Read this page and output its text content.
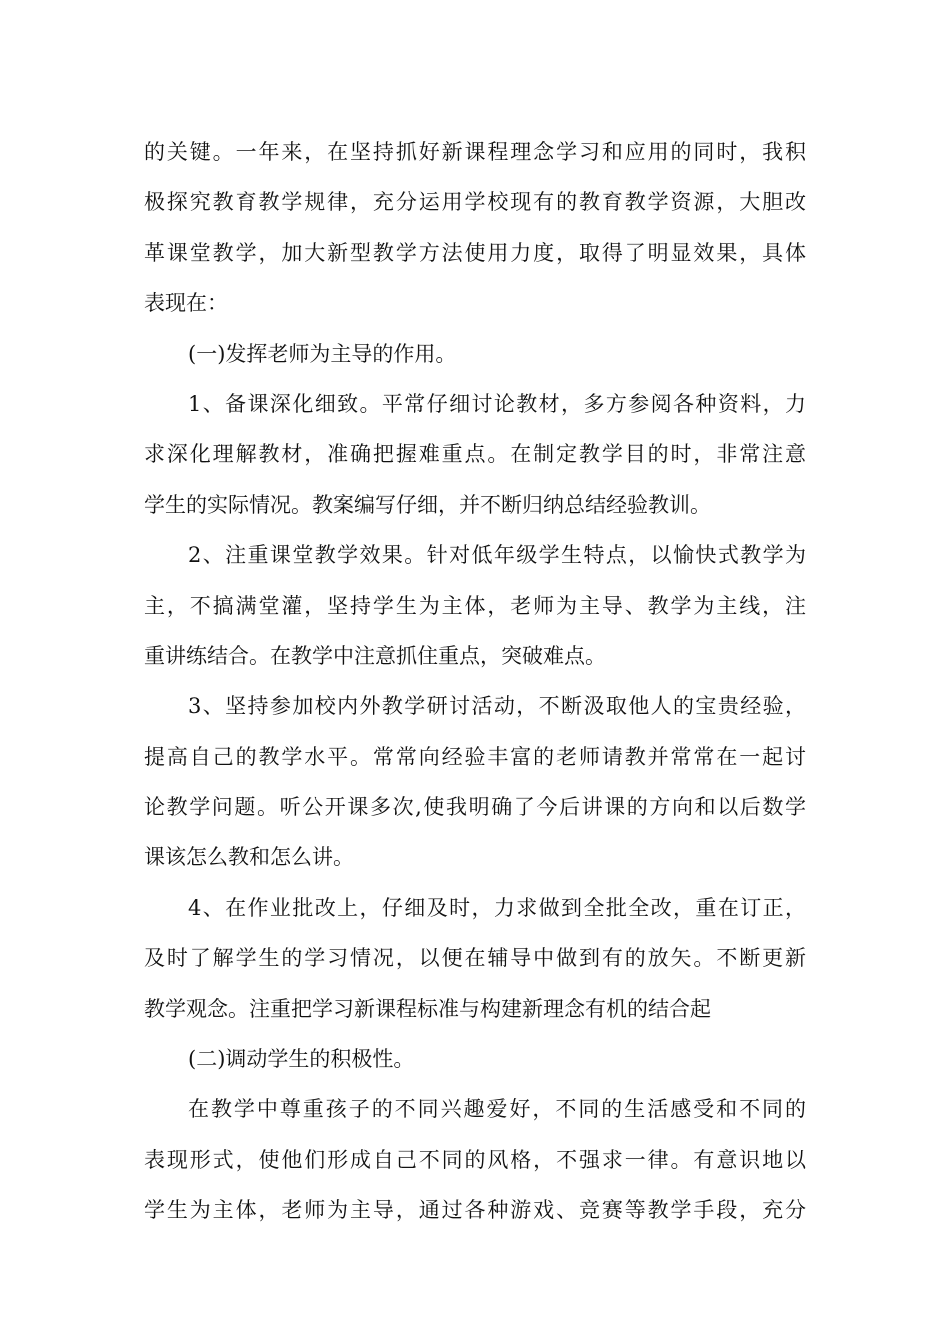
的关键。一年来，在坚持抓好新课程理念学习和应用的同时，我积
极探究教育教学规律，充分运用学校现有的教育教学资源，大胆改
革课堂教学，加大新型教学方法使用力度，取得了明显效果，具体
表现在：
(一)发挥老师为主导的作用。
1、备课深化细致。平常仔细讨论教材，多方参阅各种资料，力
求深化理解教材，准确把握难重点。在制定教学目的时，非常注意
学生的实际情况。教案编写仔细，并不断归纳总结经验教训。
2、注重课堂教学效果。针对低年级学生特点，以愉快式教学为
主，不搞满堂灌，坚持学生为主体，老师为主导、教学为主线，注
重讲练结合。在教学中注意抓住重点，突破难点。
3、坚持参加校内外教学研讨活动，不断汲取他人的宝贵经验，
提高自己的教学水平。常常向经验丰富的老师请教并常常在一起讨
论教学问题。听公开课多次,使我明确了今后讲课的方向和以后数学
课该怎么教和怎么讲。
4、在作业批改上，仔细及时，力求做到全批全改，重在订正，
及时了解学生的学习情况，以便在辅导中做到有的放矢。不断更新
教学观念。注重把学习新课程标准与构建新理念有机的结合起
(二)调动学生的积极性。
在教学中尊重孩子的不同兴趣爱好，不同的生活感受和不同的
表现形式，使他们形成自己不同的风格，不强求一律。有意识地以
学生为主体，老师为主导，通过各种游戏、竞赛等教学手段，充分
